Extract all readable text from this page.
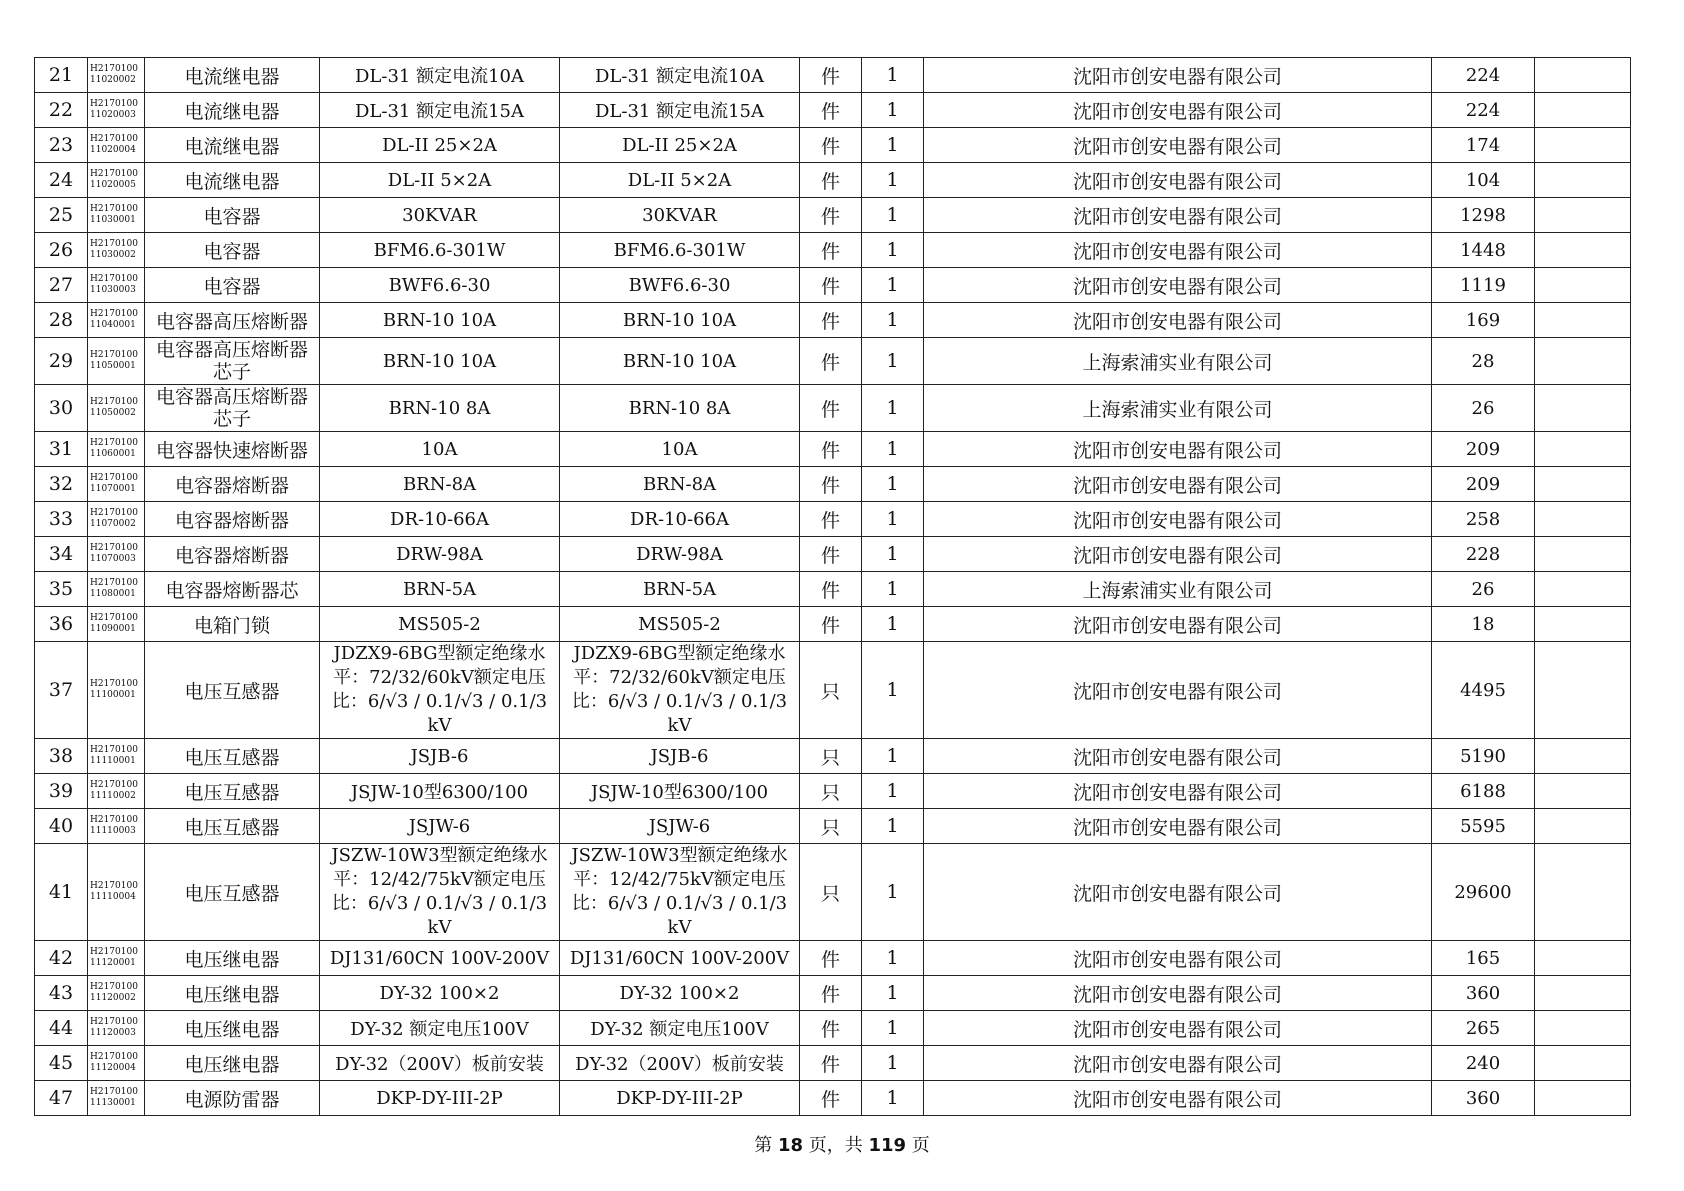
21	H2170100 11020002	电流继电器	DL-31 额定电流10A	DL-31 额定电流10A	件	1	沈阳市创安电器有限公司	224	
22	H2170100 11020003	电流继电器	DL-31 额定电流15A	DL-31 额定电流15A	件	1	沈阳市创安电器有限公司	224	
23	H2170100 11020004	电流继电器	DL-II 25×2A	DL-II 25×2A	件	1	沈阳市创安电器有限公司	174	
24	H2170100 11020005	电流继电器	DL-II 5×2A	DL-II 5×2A	件	1	沈阳市创安电器有限公司	104	
25	H2170100 11030001	电容器	30KVAR	30KVAR	件	1	沈阳市创安电器有限公司	1298	
26	H2170100 11030002	电容器	BFM6.6-301W	BFM6.6-301W	件	1	沈阳市创安电器有限公司	1448	
27	H2170100 11030003	电容器	BWF6.6-30	BWF6.6-30	件	1	沈阳市创安电器有限公司	1119	
28	H2170100 11040001	电容器高压熔断器	BRN-10 10A	BRN-10 10A	件	1	沈阳市创安电器有限公司	169	
29	H2170100 11050001	电容器高压熔断器芯子	BRN-10 10A	BRN-10 10A	件	1	上海索浦实业有限公司	28	
30	H2170100 11050002	电容器高压熔断器芯子	BRN-10 8A	BRN-10 8A	件	1	上海索浦实业有限公司	26	
31	H2170100 11060001	电容器快速熔断器	10A	10A	件	1	沈阳市创安电器有限公司	209	
32	H2170100 11070001	电容器熔断器	BRN-8A	BRN-8A	件	1	沈阳市创安电器有限公司	209	
33	H2170100 11070002	电容器熔断器	DR-10-66A	DR-10-66A	件	1	沈阳市创安电器有限公司	258	
34	H2170100 11070003	电容器熔断器	DRW-98A	DRW-98A	件	1	沈阳市创安电器有限公司	228	
35	H2170100 11080001	电容器熔断器芯	BRN-5A	BRN-5A	件	1	上海索浦实业有限公司	26	
36	H2170100 11090001	电箱门锁	MS505-2	MS505-2	件	1	沈阳市创安电器有限公司	18	
37	H2170100 11100001	电压互感器	JDZX9-6BG型额定绝缘水平：72/32/60kV额定电压比：6/√3 / 0.1/√3 / 0.1/3 kV	JDZX9-6BG型额定绝缘水平：72/32/60kV额定电压比：6/√3 / 0.1/√3 / 0.1/3 kV	只	1	沈阳市创安电器有限公司	4495	
38	H2170100 11110001	电压互感器	JSJB-6	JSJB-6	只	1	沈阳市创安电器有限公司	5190	
39	H2170100 11110002	电压互感器	JSJW-10型6300/100	JSJW-10型6300/100	只	1	沈阳市创安电器有限公司	6188	
40	H2170100 11110003	电压互感器	JSJW-6	JSJW-6	只	1	沈阳市创安电器有限公司	5595	
41	H2170100 11110004	电压互感器	JSZW-10W3型额定绝缘水平：12/42/75kV额定电压比：6/√3 / 0.1/√3 / 0.1/3 kV	JSZW-10W3型额定绝缘水平：12/42/75kV额定电压比：6/√3 / 0.1/√3 / 0.1/3 kV	只	1	沈阳市创安电器有限公司	29600	
42	H2170100 11120001	电压继电器	DJ131/60CN 100V-200V	DJ131/60CN 100V-200V	件	1	沈阳市创安电器有限公司	165	
43	H2170100 11120002	电压继电器	DY-32 100×2	DY-32 100×2	件	1	沈阳市创安电器有限公司	360	
44	H2170100 11120003	电压继电器	DY-32 额定电压100V	DY-32 额定电压100V	件	1	沈阳市创安电器有限公司	265	
45	H2170100 11120004	电压继电器	DY-32（200V）板前安装	DY-32（200V）板前安装	件	1	沈阳市创安电器有限公司	240	
47	H2170100 11130001	电源防雷器	DKP-DY-III-2P	DKP-DY-III-2P	件	1	沈阳市创安电器有限公司	360	
第 18 页，共 119 页
